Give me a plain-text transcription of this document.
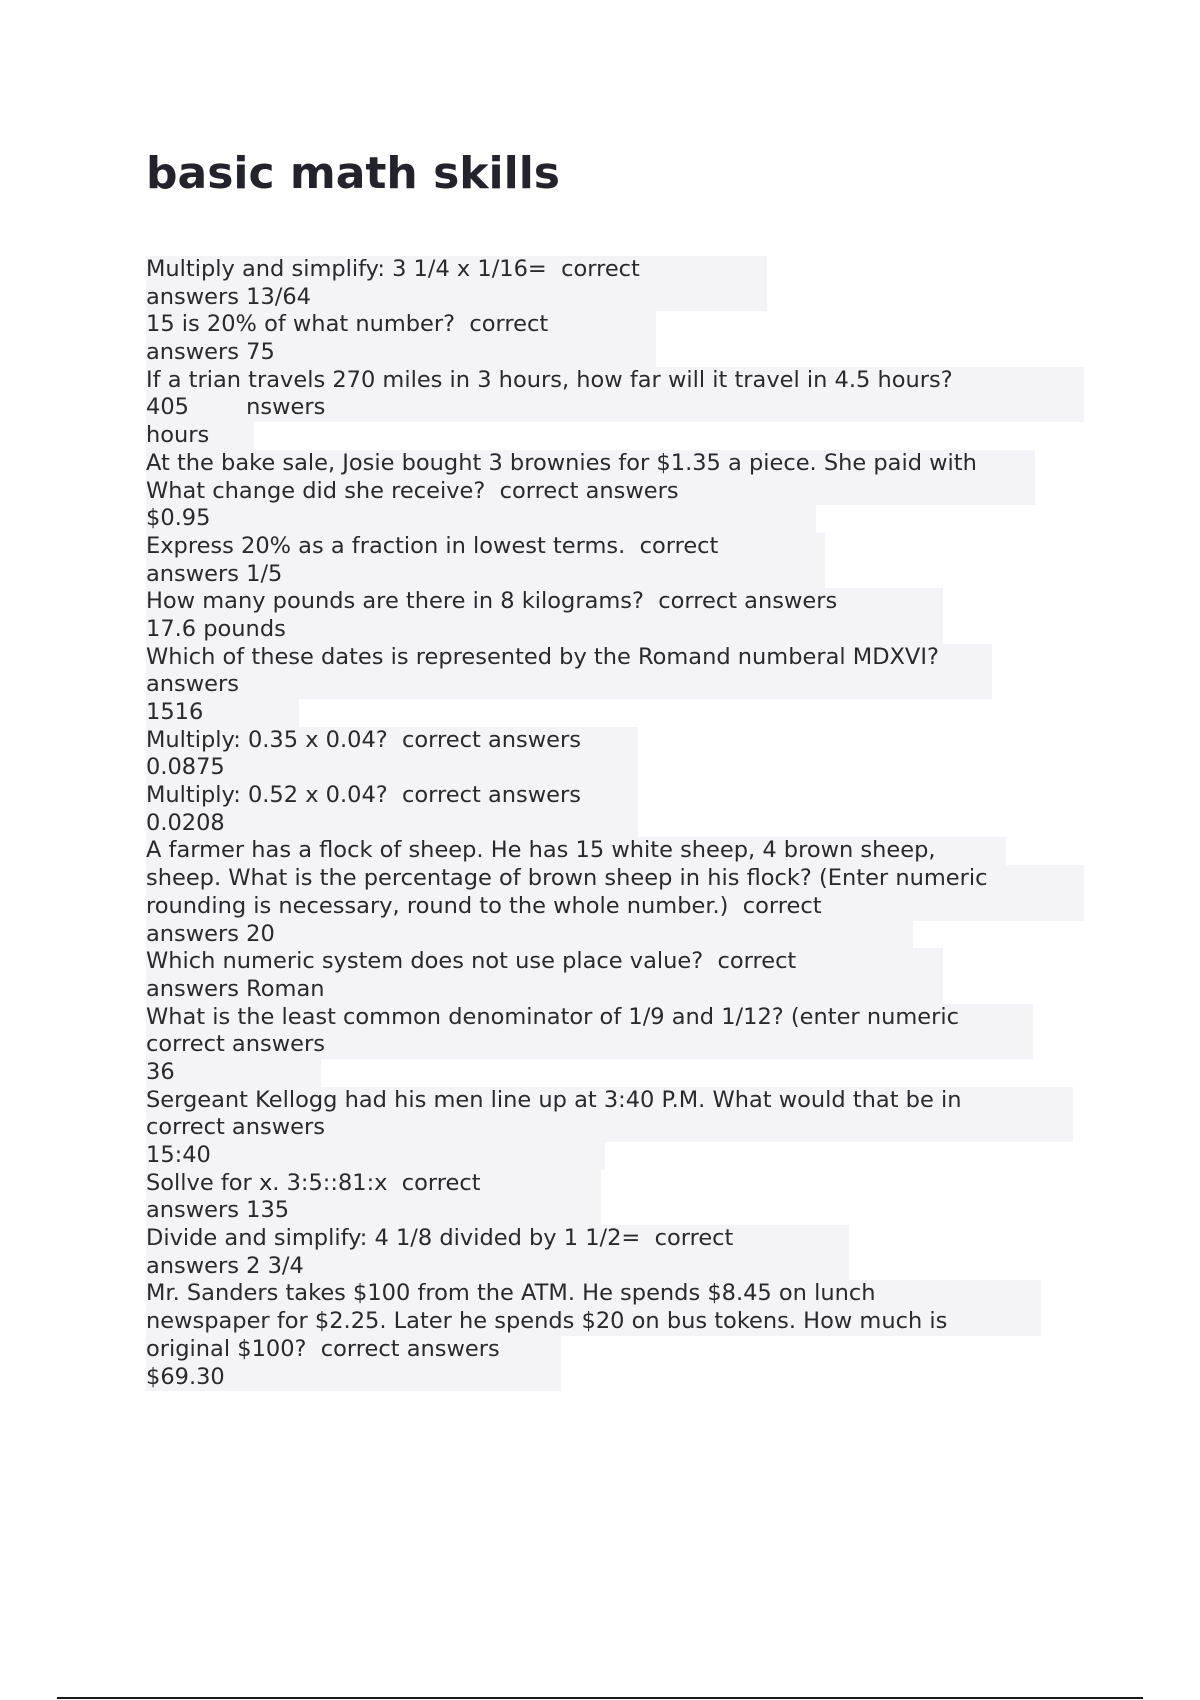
basic math skills
Multiply and simplify: 3 1/4 x 1/16=  correct
answers 13/64
15 is 20% of what number?  correct
answers 75
If a trian travels 270 miles in 3 hours, how far will it travel in 4.5 hours?
405        nswers
hours
At the bake sale, Josie bought 3 brownies for $1.35 a piece. She paid with
What change did she receive?  correct answers
$0.95
Express 20% as a fraction in lowest terms.  correct
answers 1/5
How many pounds are there in 8 kilograms?  correct answers
17.6 pounds
Which of these dates is represented by the Romand numberal MDXVI?
answers
1516
Multiply: 0.35 x 0.04?  correct answers
0.0875
Multiply: 0.52 x 0.04?  correct answers
0.0208
A farmer has a flock of sheep. He has 15 white sheep, 4 brown sheep,
sheep. What is the percentage of brown sheep in his flock? (Enter numeric
rounding is necessary, round to the whole number.)  correct
answers 20
Which numeric system does not use place value?  correct
answers Roman
What is the least common denominator of 1/9 and 1/12? (enter numeric
correct answers
36
Sergeant Kellogg had his men line up at 3:40 P.M. What would that be in
correct answers
15:40
Sollve for x. 3:5::81:x  correct
answers 135
Divide and simplify: 4 1/8 divided by 1 1/2=  correct
answers 2 3/4
Mr. Sanders takes $100 from the ATM. He spends $8.45 on lunch
newspaper for $2.25. Later he spends $20 on bus tokens. How much is
original $100?  correct answers
$69.30
